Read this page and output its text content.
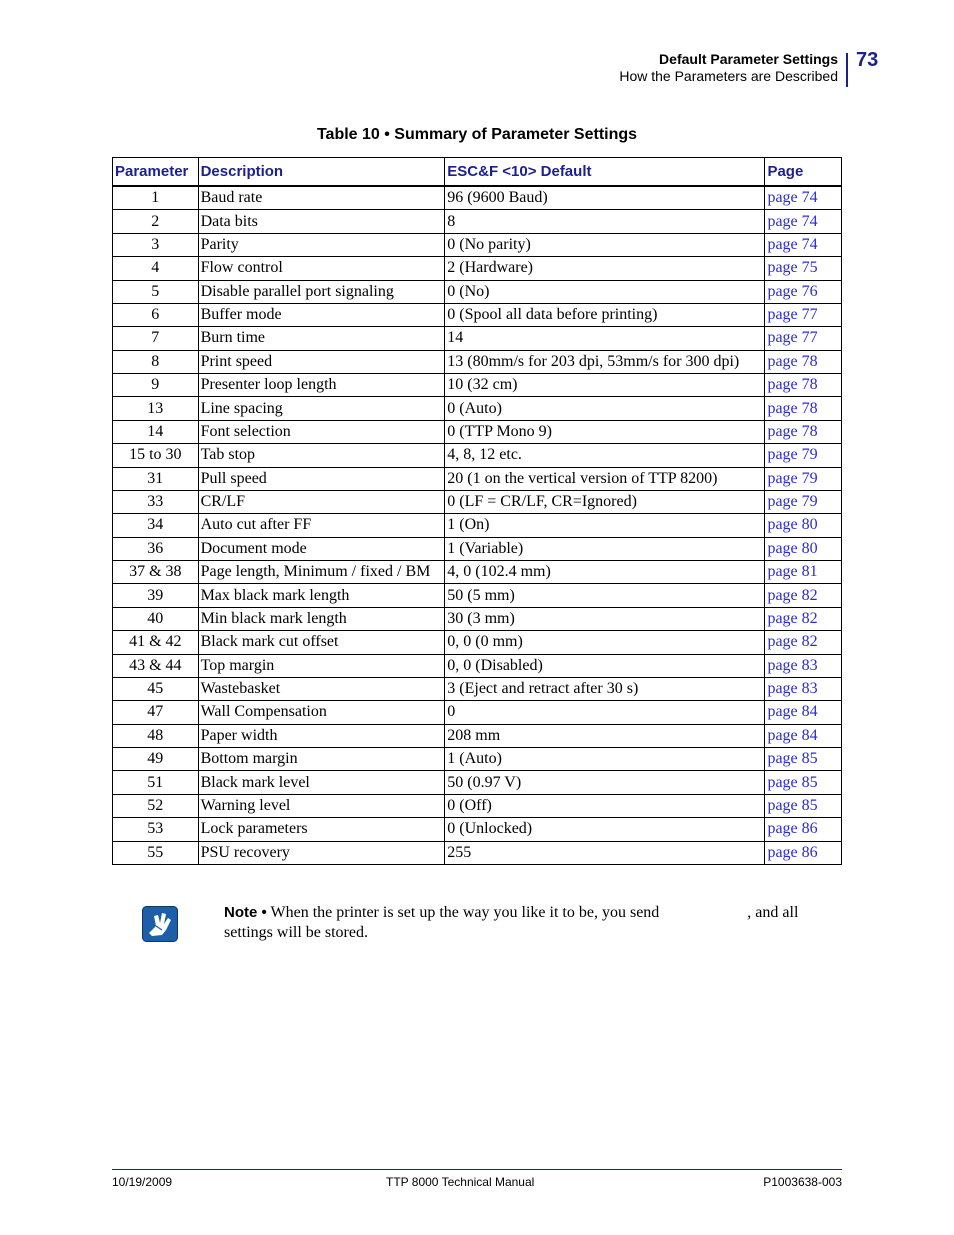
Default Parameter Settings
How the Parameters are Described
73
Table 10 • Summary of Parameter Settings
Parameter	Description	ESC&F <10> Default	Page
1	Baud rate	96 (9600 Baud)	page 74
2	Data bits	8	page 74
3	Parity	0 (No parity)	page 74
4	Flow control	2 (Hardware)	page 75
5	Disable parallel port signaling	0 (No)	page 76
6	Buffer mode	0 (Spool all data before printing)	page 77
7	Burn time	14	page 77
8	Print speed	13 (80mm/s for 203 dpi, 53mm/s for 300 dpi)	page 78
9	Presenter loop length	10 (32 cm)	page 78
13	Line spacing	0 (Auto)	page 78
14	Font selection	0 (TTP Mono 9)	page 78
15 to 30	Tab stop	4, 8, 12 etc.	page 79
31	Pull speed	20 (1 on the vertical version of TTP 8200)	page 79
33	CR/LF	0 (LF = CR/LF, CR=Ignored)	page 79
34	Auto cut after FF	1 (On)	page 80
36	Document mode	1 (Variable)	page 80
37 & 38	Page length, Minimum / fixed / BM	4, 0 (102.4 mm)	page 81
39	Max black mark length	50 (5 mm)	page 82
40	Min black mark length	30 (3 mm)	page 82
41 & 42	Black mark cut offset	0, 0 (0 mm)	page 82
43 & 44	Top margin	0, 0 (Disabled)	page 83
45	Wastebasket	3 (Eject and retract after 30 s)	page 83
47	Wall Compensation	0	page 84
48	Paper width	208 mm	page 84
49	Bottom margin	1 (Auto)	page 85
51	Black mark level	50 (0.97 V)	page 85
52	Warning level	0 (Off)	page 85
53	Lock parameters	0 (Unlocked)	page 86
55	PSU recovery	255	page 86
Note • When the printer is set up the way you like it to be, you send	, and all settings will be stored.
10/19/2009	TTP 8000 Technical Manual	P1003638-003
